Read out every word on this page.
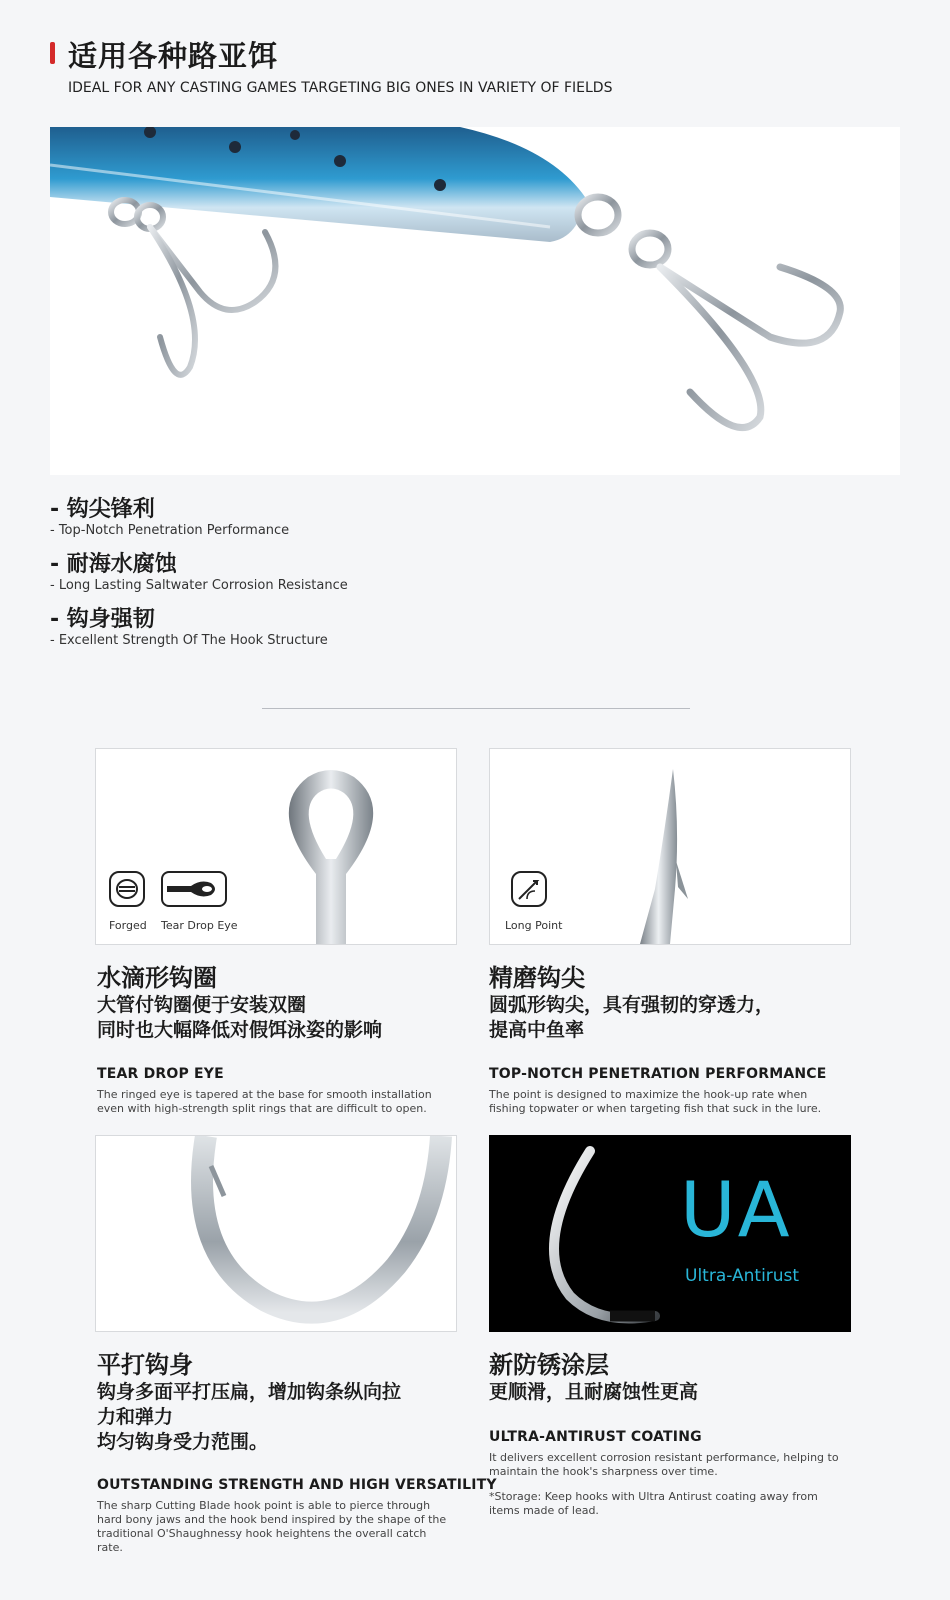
适用各种路亚饵
IDEAL FOR ANY CASTING GAMES TARGETING BIG ONES IN VARIETY OF FIELDS
- 钩尖锋利
- Top-Notch Penetration Performance
- 耐海水腐蚀
- Long Lasting Saltwater Corrosion Resistance
- 钩身强韧
- Excellent Strength Of The Hook Structure
Forged Tear Drop Eye
水滴形钩圈
大管付钩圈便于安装双圈
同时也大幅降低对假饵泳姿的影响
TEAR DROP EYE
The ringed eye is tapered at the base for smooth installation even with high-strength split rings that are difficult to open.
Long Point
精磨钩尖
圆弧形钩尖，具有强韧的穿透力，
提高中鱼率
TOP-NOTCH PENETRATION PERFORMANCE
The point is designed to maximize the hook-up rate when fishing topwater or when targeting fish that suck in the lure.
平打钩身
钩身多面平打压扁，增加钩条纵向拉
力和弹力
均匀钩身受力范围。
OUTSTANDING STRENGTH AND HIGH VERSATILITY
The sharp Cutting Blade hook point is able to pierce through hard bony jaws and the hook bend inspired by the shape of the traditional O'Shaughnessy hook heightens the overall catch rate.
UA
Ultra-Antirust
新防锈涂层
更顺滑，且耐腐蚀性更高
ULTRA-ANTIRUST COATING
It delivers excellent corrosion resistant performance, helping to maintain the hook's sharpness over time.
*Storage: Keep hooks with Ultra Antirust coating away from items made of lead.
